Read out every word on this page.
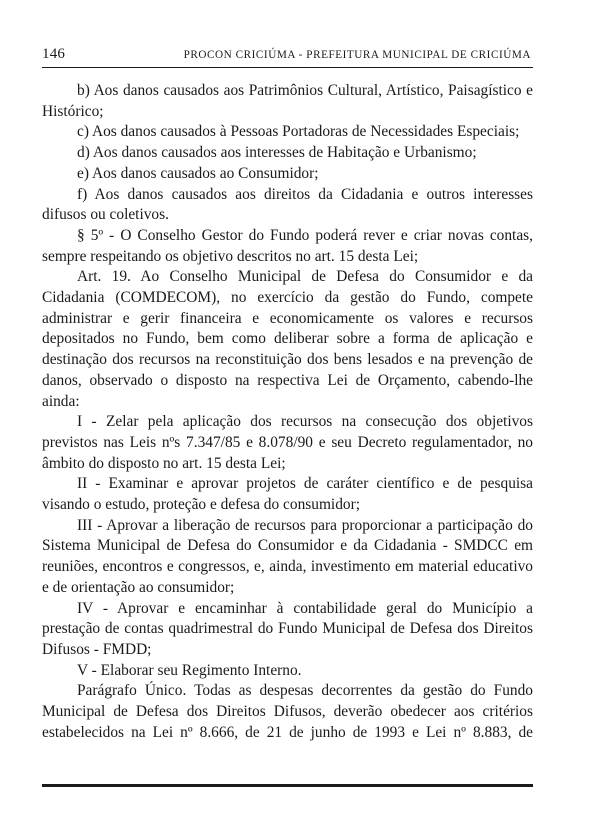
146	PROCON CRICIÚMA - PREFEITURA MUNICIPAL DE CRICIÚMA

b) Aos danos causados aos Patrimônios Cultural, Artístico, Paisagístico e Histórico;

c) Aos danos causados à Pessoas Portadoras de Necessidades Especiais;

d) Aos danos causados aos interesses de Habitação e Urbanismo;

e) Aos danos causados ao Consumidor;

f) Aos danos causados aos direitos da Cidadania e outros interesses difusos ou coletivos.

§ 5º - O Conselho Gestor do Fundo poderá rever e criar novas contas, sempre respeitando os objetivo descritos no art. 15 desta Lei;

Art. 19. Ao Conselho Municipal de Defesa do Consumidor e da Cidadania (COMDECOM), no exercício da gestão do Fundo, compete administrar e gerir financeira e economicamente os valores e recursos depositados no Fundo, bem como deliberar sobre a forma de aplicação e destinação dos recursos na reconstituição dos bens lesados e na prevenção de danos, observado o disposto na respectiva Lei de Orçamento, cabendo-lhe ainda:

I - Zelar pela aplicação dos recursos na consecução dos objetivos previstos nas Leis nºs 7.347/85 e 8.078/90 e seu Decreto regulamentador, no âmbito do disposto no art. 15 desta Lei;

II - Examinar e aprovar projetos de caráter científico e de pesquisa visando o estudo, proteção e defesa do consumidor;

III - Aprovar a liberação de recursos para proporcionar a participação do Sistema Municipal de Defesa do Consumidor e da Cidadania - SMDCC em reuniões, encontros e congressos, e, ainda, investimento em material educativo e de orientação ao consumidor;

IV - Aprovar e encaminhar à contabilidade geral do Município a prestação de contas quadrimestral do Fundo Municipal de Defesa dos Direitos Difusos - FMDD;

V - Elaborar seu Regimento Interno.

Parágrafo Único. Todas as despesas decorrentes da gestão do Fundo Municipal de Defesa dos Direitos Difusos, deverão obedecer aos critérios estabelecidos na Lei nº 8.666, de 21 de junho de 1993 e Lei nº 8.883, de
